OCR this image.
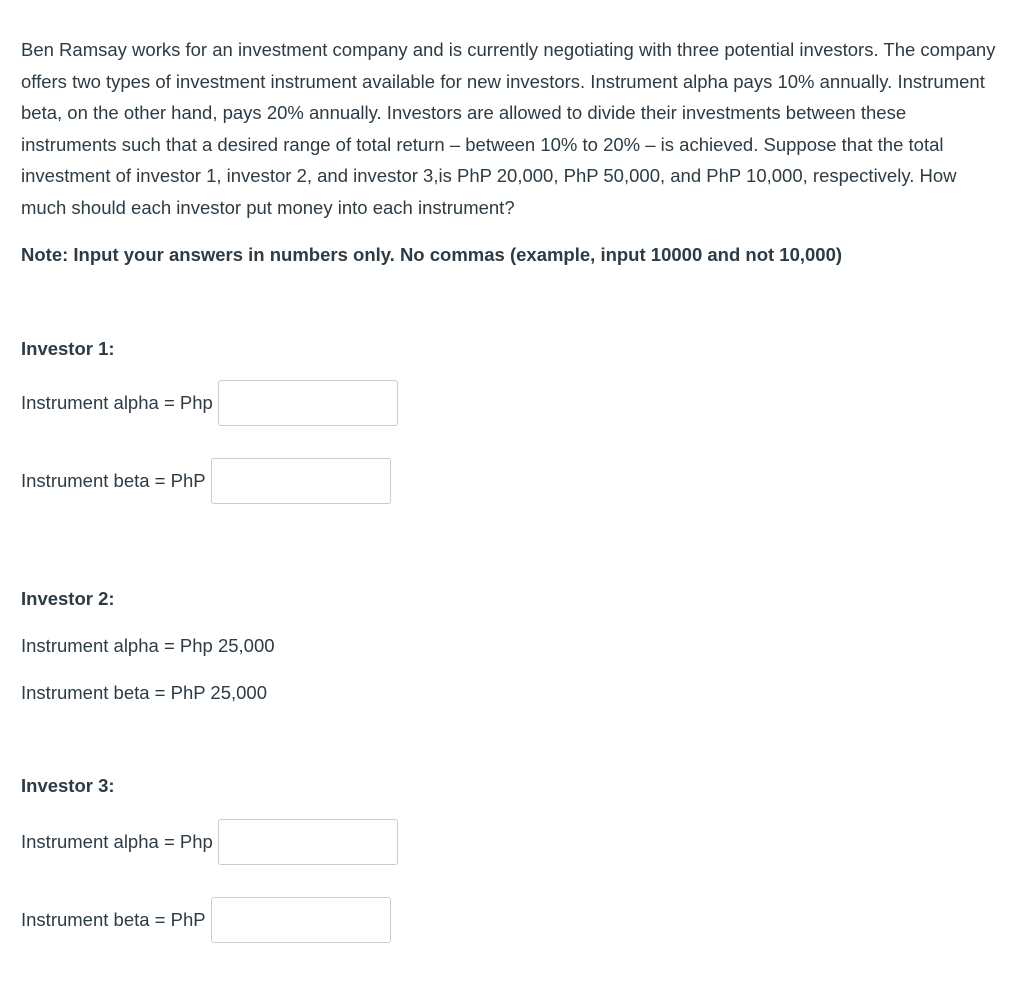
Ben Ramsay works for an investment company and is currently negotiating with three potential investors. The company offers two types of investment instrument available for new investors. Instrument alpha pays 10% annually. Instrument beta, on the other hand, pays 20% annually. Investors are allowed to divide their investments between these instruments such that a desired range of total return – between 10% to 20% – is achieved. Suppose that the total investment of investor 1, investor 2, and investor 3,is PhP 20,000, PhP 50,000, and PhP 10,000, respectively. How much should each investor put money into each instrument?

Note: Input your answers in numbers only. No commas (example, input 10000 and not 10,000)

Investor 1:

Instrument alpha = Php
Instrument beta = PhP

Investor 2:

Instrument alpha = Php 25,000
Instrument beta = PhP 25,000

Investor 3:

Instrument alpha = Php
Instrument beta = PhP
